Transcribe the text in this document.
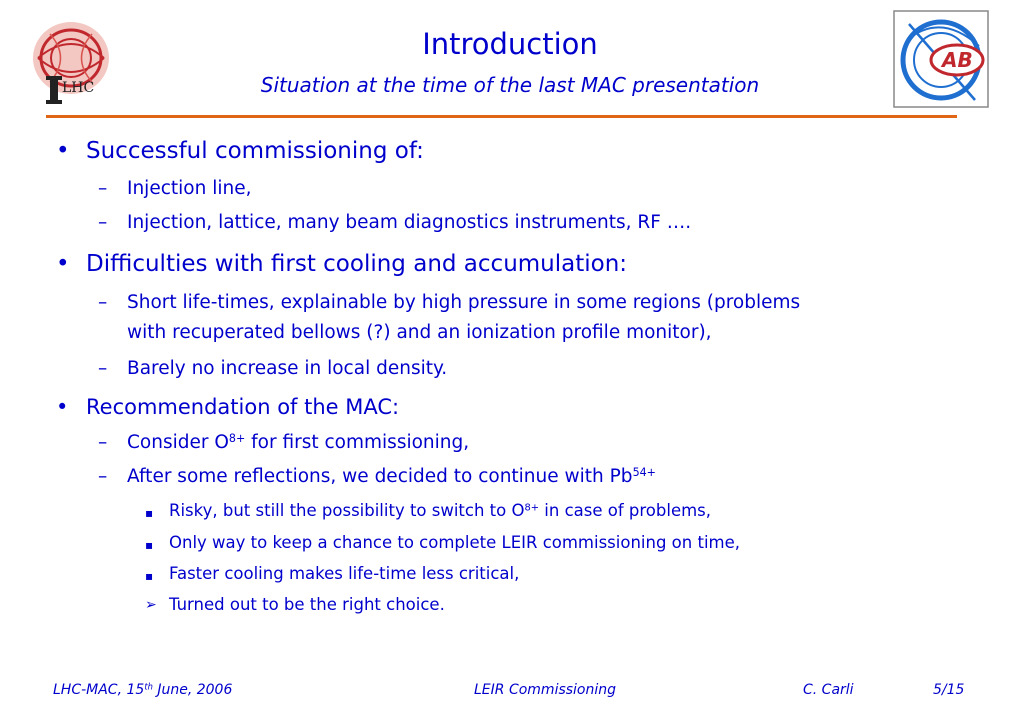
LHC
Introduction
Situation at the time of the last MAC presentation
AB
• Successful commissioning of:
– Injection line,
– Injection, lattice, many beam diagnostics instruments, RF ….
• Difficulties with first cooling and accumulation:
– Short life-times, explainable by high pressure in some regions (problems
with recuperated bellows (?) and an ionization profile monitor),
– Barely no increase in local density.
• Recommendation of the MAC:
– Consider $O^{8+}$ for first commissioning,
– After some reflections, we decided to continue with $Pb^{54+}$
▪ Risky, but still the possibility to switch to $O^{8+}$ in case of problems,
▪ Only way to keep a chance to complete LEIR commissioning on time,
▪ Faster cooling makes life-time less critical,
➢ Turned out to be the right choice.
LHC-MAC, 15th June, 2006	LEIR Commissioning	C. Carli	5/15
